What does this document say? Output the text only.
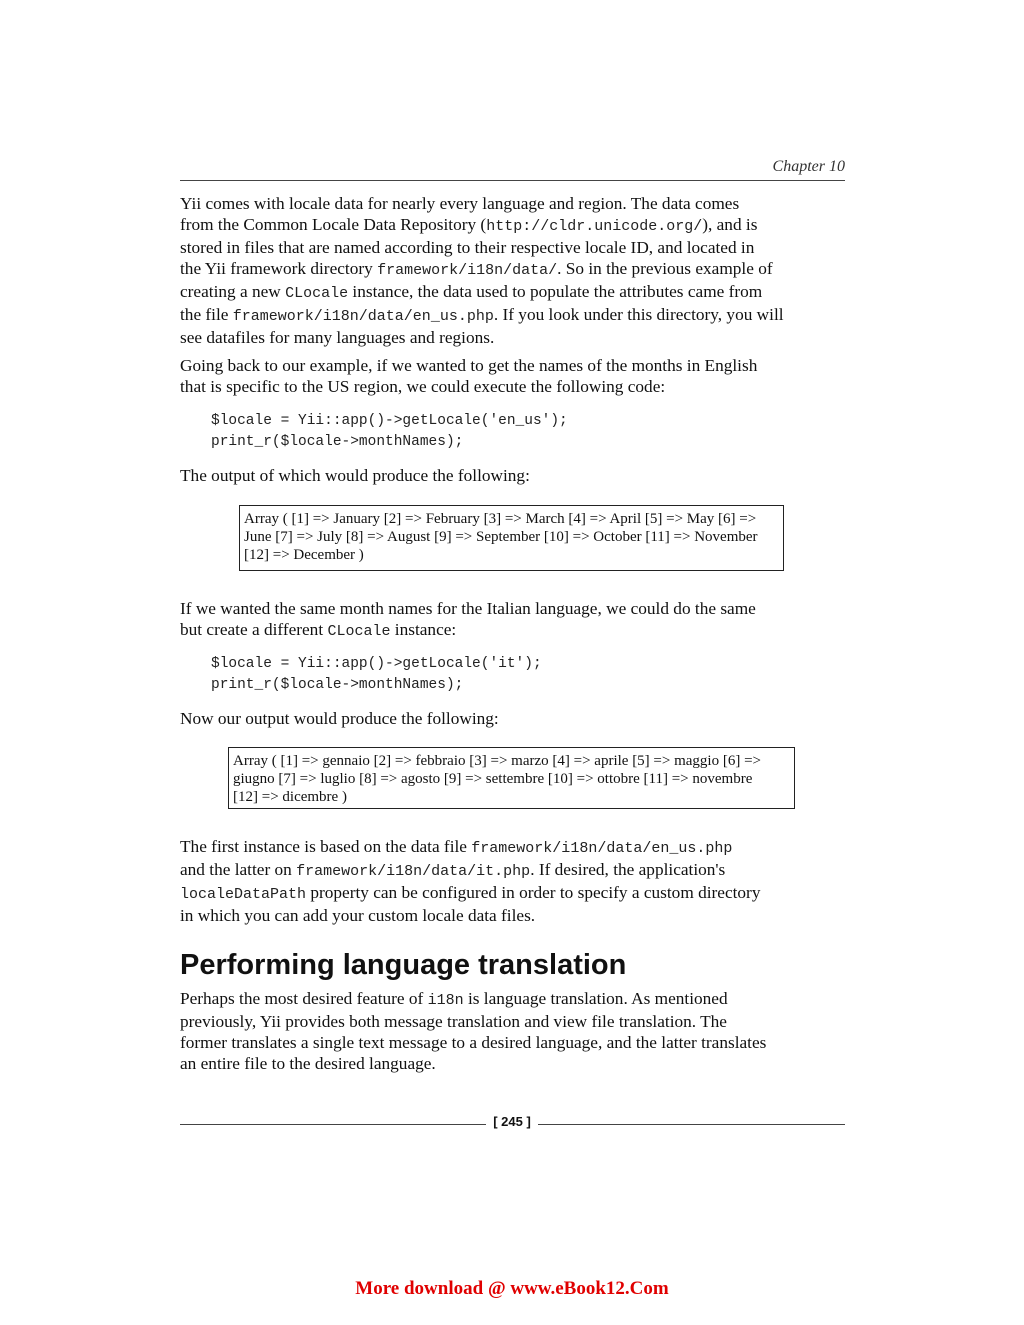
Chapter 10
Yii comes with locale data for nearly every language and region. The data comes
from the Common Locale Data Repository (http://cldr.unicode.org/), and is
stored in files that are named according to their respective locale ID, and located in
the Yii framework directory framework/i18n/data/. So in the previous example of
creating a new CLocale instance, the data used to populate the attributes came from
the file framework/i18n/data/en_us.php. If you look under this directory, you will
see datafiles for many languages and regions.
Going back to our example, if we wanted to get the names of the months in English
that is specific to the US region, we could execute the following code:
$locale = Yii::app()->getLocale('en_us');
print_r($locale->monthNames);
The output of which would produce the following:
Array ( [1] => January [2] => February [3] => March [4] => April [5] => May [6] =>
June [7] => July [8] => August [9] => September [10] => October [11] => November
[12] => December )
If we wanted the same month names for the Italian language, we could do the same
but create a different CLocale instance:
$locale = Yii::app()->getLocale('it');
print_r($locale->monthNames);
Now our output would produce the following:
Array ( [1] => gennaio [2] => febbraio [3] => marzo [4] => aprile [5] => maggio [6] =>
giugno [7] => luglio [8] => agosto [9] => settembre [10] => ottobre [11] => novembre
[12] => dicembre )
The first instance is based on the data file framework/i18n/data/en_us.php
and the latter on framework/i18n/data/it.php. If desired, the application's
localeDataPath property can be configured in order to specify a custom directory
in which you can add your custom locale data files.
Performing language translation
Perhaps the most desired feature of i18n is language translation. As mentioned
previously, Yii provides both message translation and view file translation. The
former translates a single text message to a desired language, and the latter translates
an entire file to the desired language.
[ 245 ]
More download @ www.eBook12.Com
